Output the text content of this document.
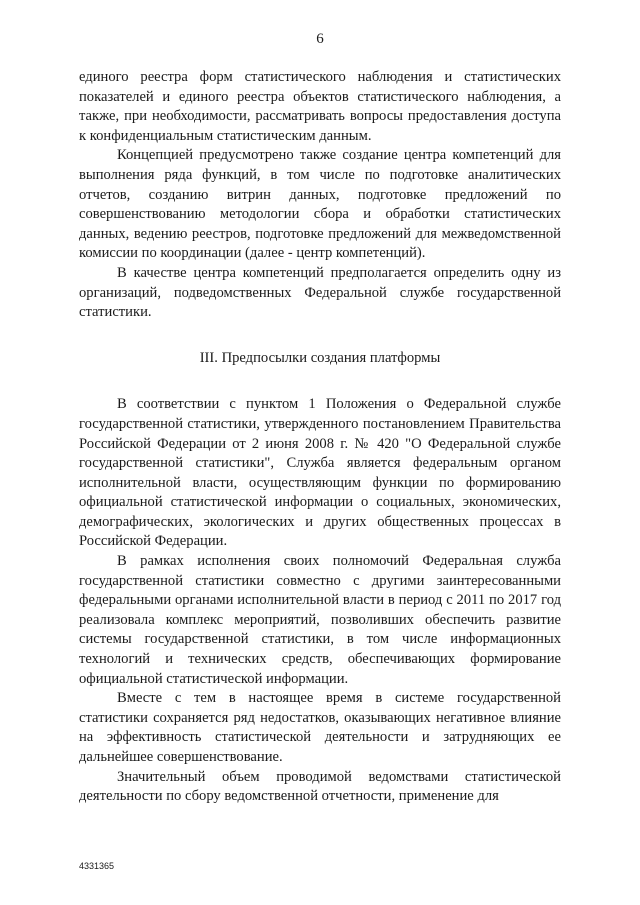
6

единого реестра форм статистического наблюдения и статистических показателей и единого реестра объектов статистического наблюдения, а также, при необходимости, рассматривать вопросы предоставления доступа к конфиденциальным статистическим данным.

Концепцией предусмотрено также создание центра компетенций для выполнения ряда функций, в том числе по подготовке аналитических отчетов, созданию витрин данных, подготовке предложений по совершенствованию методологии сбора и обработки статистических данных, ведению реестров, подготовке предложений для межведомственной комиссии по координации (далее - центр компетенций).

В качестве центра компетенций предполагается определить одну из организаций, подведомственных Федеральной службе государственной статистики.

III. Предпосылки создания платформы

В соответствии с пунктом 1 Положения о Федеральной службе государственной статистики, утвержденного постановлением Правительства Российской Федерации от 2 июня 2008 г. № 420 "О Федеральной службе государственной статистики", Служба является федеральным органом исполнительной власти, осуществляющим функции по формированию официальной статистической информации о социальных, экономических, демографических, экологических и других общественных процессах в Российской Федерации.

В рамках исполнения своих полномочий Федеральная служба государственной статистики совместно с другими заинтересованными федеральными органами исполнительной власти в период с 2011 по 2017 год реализовала комплекс мероприятий, позволивших обеспечить развитие системы государственной статистики, в том числе информационных технологий и технических средств, обеспечивающих формирование официальной статистической информации.

Вместе с тем в настоящее время в системе государственной статистики сохраняется ряд недостатков, оказывающих негативное влияние на эффективность статистической деятельности и затрудняющих ее дальнейшее совершенствование.

Значительный объем проводимой ведомствами статистической деятельности по сбору ведомственной отчетности, применение для

4331365
